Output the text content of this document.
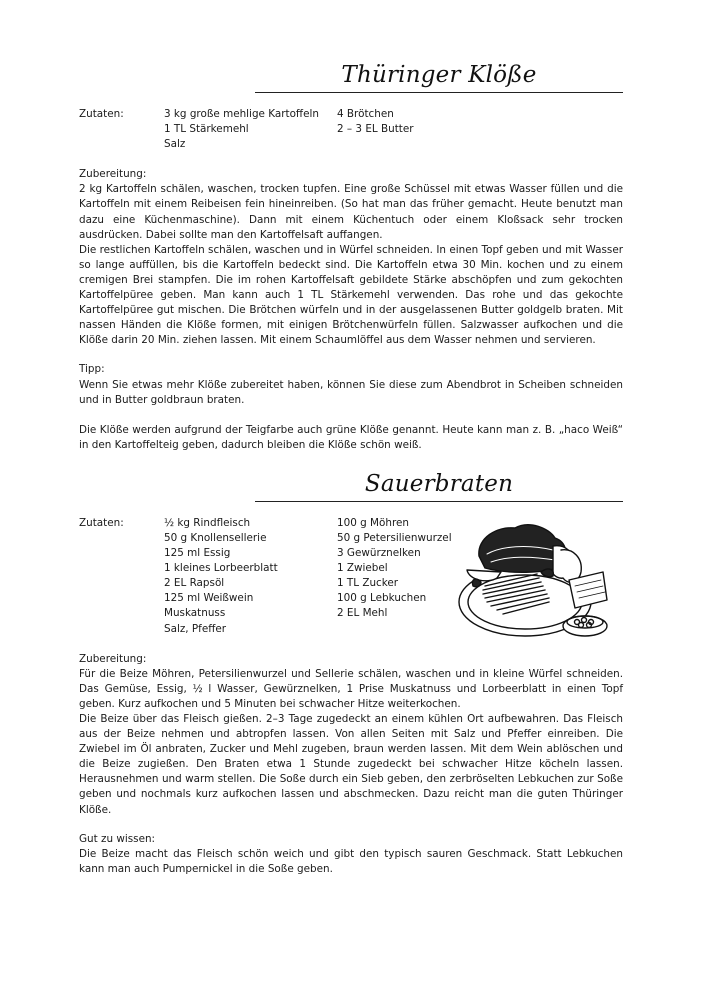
Thüringer Klöße
Zutaten:	3 kg große mehlige Kartoffeln	4 Brötchen
1 TL Stärkemehl	2 – 3 EL Butter
Salz
Zubereitung:

2 kg Kartoffeln schälen, waschen, trocken tupfen. Eine große Schüssel mit etwas Wasser füllen und die Kartoffeln mit einem Reibeisen fein hineinreiben. (So hat man das früher gemacht. Heute benutzt man dazu eine Küchenmaschine). Dann mit einem Küchentuch oder einem Kloßsack sehr trocken ausdrücken. Dabei sollte man den Kartoffelsaft auffangen.

Die restlichen Kartoffeln schälen, waschen und in Würfel schneiden. In einen Topf geben und mit Wasser so lange auffüllen, bis die Kartoffeln bedeckt sind. Die Kartoffeln etwa 30 Min. kochen und zu einem cremigen Brei stampfen. Die im rohen Kartoffelsaft gebildete Stärke abschöpfen und zum gekochten Kartoffelpüree geben. Man kann auch 1 TL Stärkemehl verwenden. Das rohe und das gekochte Kartoffelpüree gut mischen. Die Brötchen würfeln und in der ausgelassenen Butter goldgelb braten. Mit nassen Händen die Klöße formen, mit einigen Brötchenwürfeln füllen. Salzwasser aufkochen und die Klöße darin 20 Min. ziehen lassen. Mit einem Schaumlöffel aus dem Wasser nehmen und servieren.

Tipp:

Wenn Sie etwas mehr Klöße zubereitet haben, können Sie diese zum Abendbrot in Scheiben schneiden und in Butter goldbraun braten.

Die Klöße werden aufgrund der Teigfarbe auch grüne Klöße genannt. Heute kann man z. B. „haco Weiß“ in den Kartoffelteig geben, dadurch bleiben die Klöße schön weiß.

Sauerbraten
Zutaten:	½ kg Rindfleisch	100 g Möhren
50 g Knollensellerie	50 g Petersilienwurzel
125 ml Essig	3 Gewürznelken
1 kleines Lorbeerblatt	1 Zwiebel
2 EL Rapsöl	1 TL Zucker
125 ml Weißwein	100 g Lebkuchen
Muskatnuss	2 EL Mehl
Salz, Pfeffer
Zubereitung:

Für die Beize Möhren, Petersilienwurzel und Sellerie schälen, waschen und in kleine Würfel schneiden. Das Gemüse, Essig, ½ l Wasser, Gewürznelken, 1 Prise Muskatnuss und Lorbeerblatt in einen Topf geben. Kurz aufkochen und 5 Minuten bei schwacher Hitze weiterkochen.

Die Beize über das Fleisch gießen. 2–3 Tage zugedeckt an einem kühlen Ort aufbewahren. Das Fleisch aus der Beize nehmen und abtropfen lassen. Von allen Seiten mit Salz und Pfeffer einreiben. Die Zwiebel im Öl anbraten, Zucker und Mehl zugeben, braun werden lassen. Mit dem Wein ablöschen und die Beize zugießen. Den Braten etwa 1 Stunde zugedeckt bei schwacher Hitze köcheln lassen. Herausnehmen und warm stellen. Die Soße durch ein Sieb geben, den zerbröselten Lebkuchen zur Soße geben und nochmals kurz aufkochen lassen und abschmecken. Dazu reicht man die guten Thüringer Klöße.

Gut zu wissen:

Die Beize macht das Fleisch schön weich und gibt den typisch sauren Geschmack. Statt Lebkuchen kann man auch Pumpernickel in die Soße geben.
